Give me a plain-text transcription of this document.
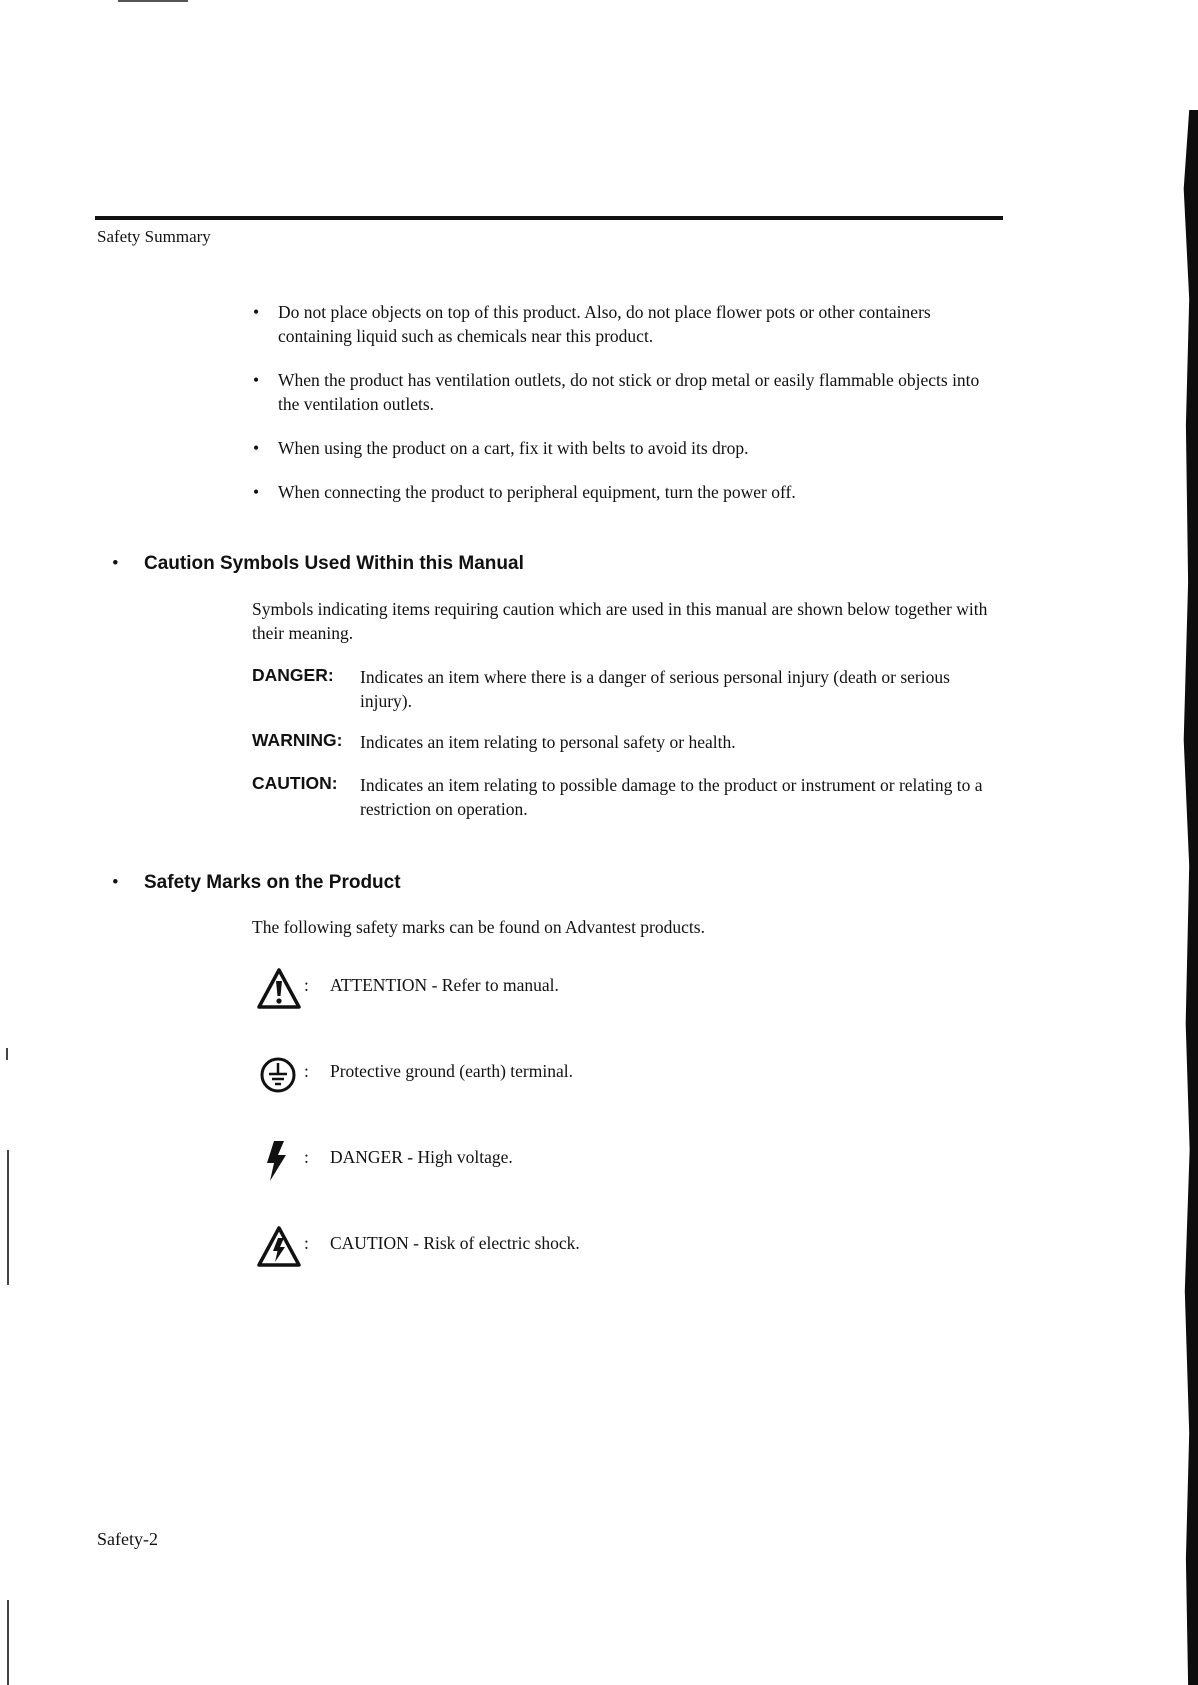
Safety Summary
• Do not place objects on top of this product. Also, do not place flower pots or other containers containing liquid such as chemicals near this product.
• When the product has ventilation outlets, do not stick or drop metal or easily flammable objects into the ventilation outlets.
• When using the product on a cart, fix it with belts to avoid its drop.
• When connecting the product to peripheral equipment, turn the power off.
• Caution Symbols Used Within this Manual
Symbols indicating items requiring caution which are used in this manual are shown below together with their meaning.
DANGER: Indicates an item where there is a danger of serious personal injury (death or serious injury).
WARNING: Indicates an item relating to personal safety or health.
CAUTION: Indicates an item relating to possible damage to the product or instrument or relating to a restriction on operation.
• Safety Marks on the Product
The following safety marks can be found on Advantest products.
: ATTENTION - Refer to manual.
: Protective ground (earth) terminal.
: DANGER - High voltage.
: CAUTION - Risk of electric shock.
Safety-2
